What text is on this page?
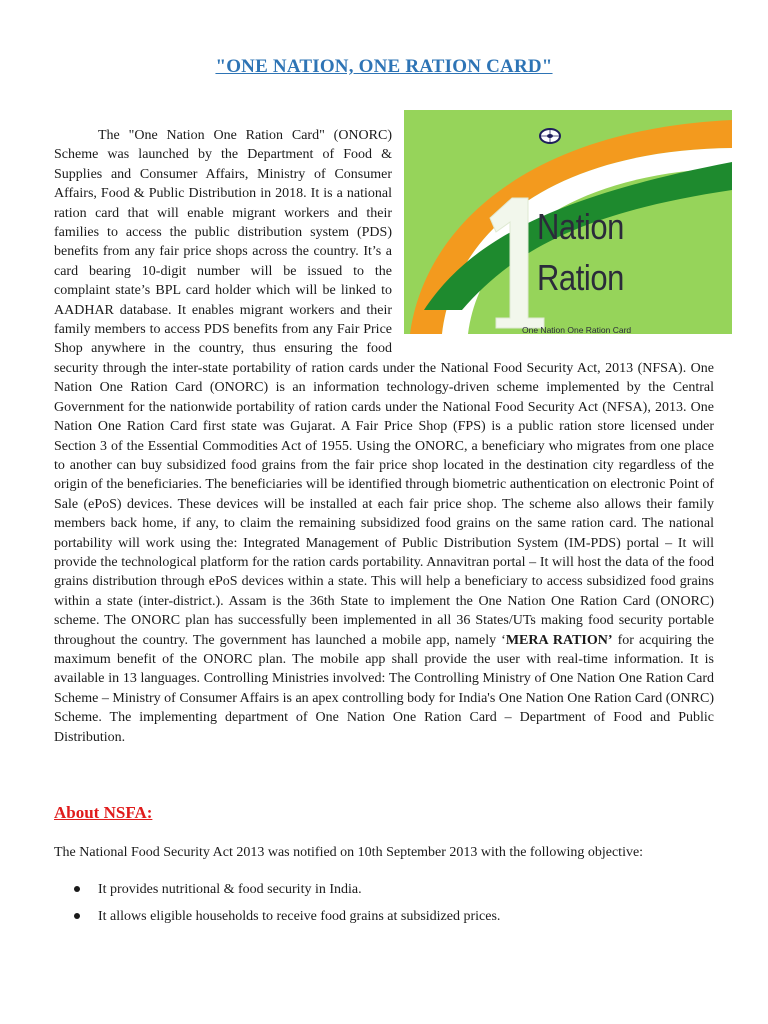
"ONE NATION, ONE RATION CARD"
Nation
Ration
One Nation One Ration Card
The "One Nation One Ration Card" (ONORC) Scheme was launched by the Department of Food & Supplies and Consumer Affairs, Ministry of Consumer Affairs, Food & Public Distribution in 2018. It is a national ration card that will enable migrant workers and their families to access the public distribution system (PDS) benefits from any fair price shops across the country. It’s a card bearing 10-digit number will be issued to the complaint state’s BPL card holder which will be linked to AADHAR database. It enables migrant workers and their family members to access PDS benefits from any Fair Price Shop anywhere in the country, thus ensuring the food security through the inter-state portability of ration cards under the National Food Security Act, 2013 (NFSA). One Nation One Ration Card (ONORC) is an information technology-driven scheme implemented by the Central Government for the nationwide portability of ration cards under the National Food Security Act (NFSA), 2013. One Nation One Ration Card first state was Gujarat. A Fair Price Shop (FPS) is a public ration store licensed under Section 3 of the Essential Commodities Act of 1955. Using the ONORC, a beneficiary who migrates from one place to another can buy subsidized food grains from the fair price shop located in the destination city regardless of the origin of the beneficiaries. The beneficiaries will be identified through biometric authentication on electronic Point of Sale (ePoS) devices. These devices will be installed at each fair price shop. The scheme also allows their family members back home, if any, to claim the remaining subsidized food grains on the same ration card. The national portability will work using the: Integrated Management of Public Distribution System (IM-PDS) portal – It will provide the technological platform for the ration cards portability. Annavitran portal – It will host the data of the food grains distribution through ePoS devices within a state. This will help a beneficiary to access subsidized food grains within a state (inter-district.). Assam is the 36th State to implement the One Nation One Ration Card (ONORC) scheme. The ONORC plan has successfully been implemented in all 36 States/UTs making food security portable throughout the country. The government has launched a mobile app, namely ‘MERA RATION’ for acquiring the maximum benefit of the ONORC plan. The mobile app shall provide the user with real-time information. It is available in 13 languages. Controlling Ministries involved: The Controlling Ministry of One Nation One Ration Card Scheme – Ministry of Consumer Affairs is an apex controlling body for India's One Nation One Ration Card (ONRC) Scheme. The implementing department of One Nation One Ration Card – Department of Food and Public Distribution.
About NSFA:
The National Food Security Act 2013 was notified on 10th September 2013 with the following objective:
It provides nutritional & food security in India.
It allows eligible households to receive food grains at subsidized prices.
